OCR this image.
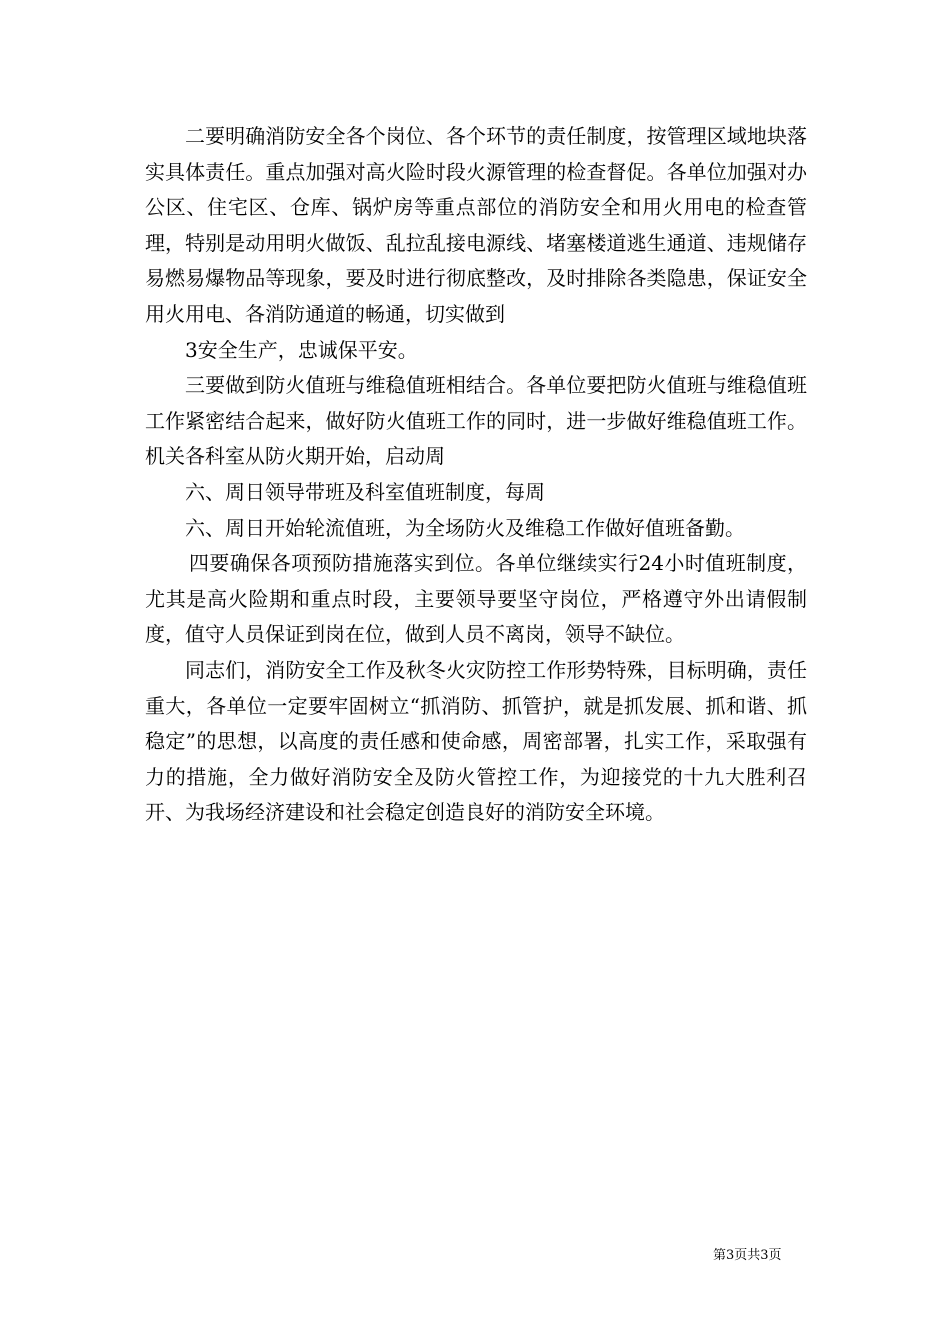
二要明确消防安全各个岗位、各个环节的责任制度，按管理区域地块落实具体责任。重点加强对高火险时段火源管理的检查督促。各单位加强对办公区、住宅区、仓库、锅炉房等重点部位的消防安全和用火用电的检查管理，特别是动用明火做饭、乱拉乱接电源线、堵塞楼道逃生通道、违规储存易燃易爆物品等现象，要及时进行彻底整改，及时排除各类隐患，保证安全用火用电、各消防通道的畅通，切实做到

3安全生产，忠诚保平安。

三要做到防火值班与维稳值班相结合。各单位要把防火值班与维稳值班工作紧密结合起来，做好防火值班工作的同时，进一步做好维稳值班工作。机关各科室从防火期开始，启动周

六、周日领导带班及科室值班制度，每周

六、周日开始轮流值班，为全场防火及维稳工作做好值班备勤。

四要确保各项预防措施落实到位。各单位继续实行24小时值班制度，尤其是高火险期和重点时段，主要领导要坚守岗位，严格遵守外出请假制度，值守人员保证到岗在位，做到人员不离岗，领导不缺位。

同志们，消防安全工作及秋冬火灾防控工作形势特殊，目标明确，责任重大，各单位一定要牢固树立“抓消防、抓管护，就是抓发展、抓和谐、抓稳定”的思想，以高度的责任感和使命感，周密部署，扎实工作，采取强有力的措施，全力做好消防安全及防火管控工作，为迎接党的十九大胜利召开、为我场经济建设和社会稳定创造良好的消防安全环境。

第3页共3页
